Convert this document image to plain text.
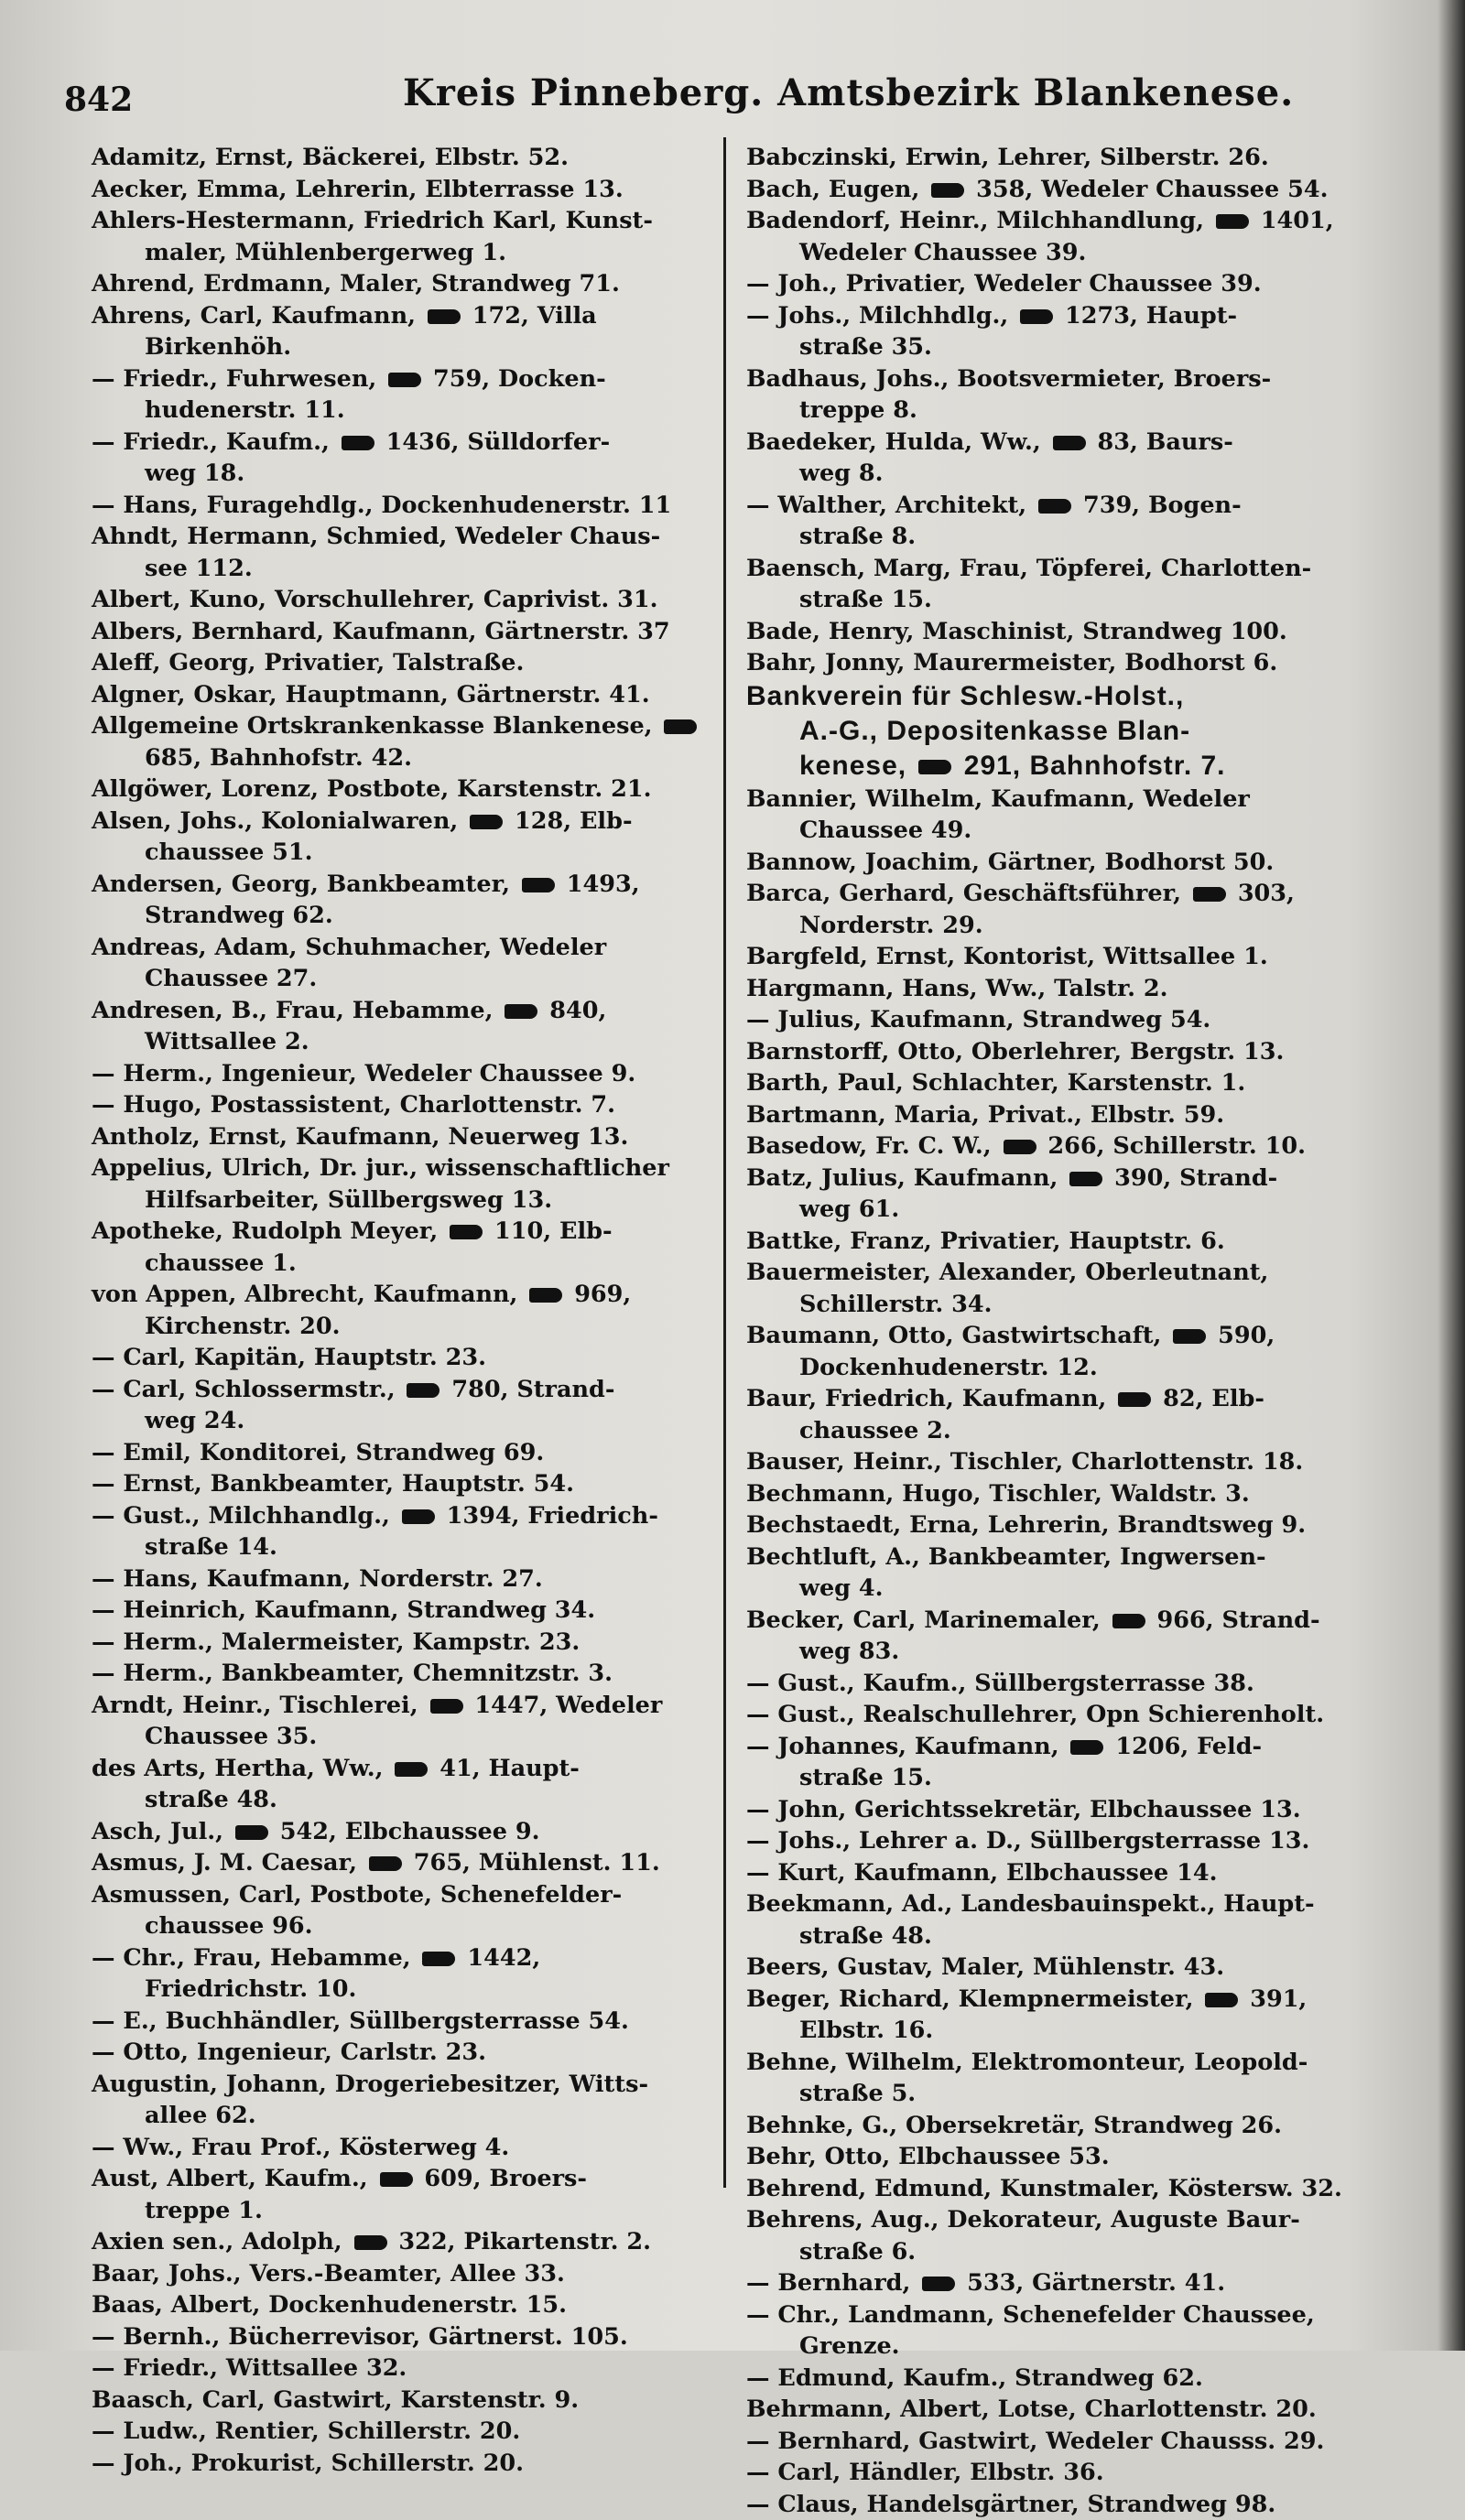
842	Kreis Pinneberg. Amtsbezirk Blankenese.
Adamitz, Ernst, Bäckerei, Elbstr. 52.
Aecker, Emma, Lehrerin, Elbterrasse 13.
Ahlers-Hestermann, Friedrich Karl, Kunst-
maler, Mühlenbergerweg 1.
Ahrend, Erdmann, Maler, Strandweg 71.
Ahrens, Carl, Kaufmann,  172, Villa
Birkenhöh.
— Friedr., Fuhrwesen,  759, Docken-
hudenerstr. 11.
— Friedr., Kaufm.,  1436, Sülldorfer-
weg 18.
— Hans, Furagehdlg., Dockenhudenerstr. 11
Ahndt, Hermann, Schmied, Wedeler Chaus-
see 112.
Albert, Kuno, Vorschullehrer, Caprivist. 31.
Albers, Bernhard, Kaufmann, Gärtnerstr. 37
Aleff, Georg, Privatier, Talstraße.
Algner, Oskar, Hauptmann, Gärtnerstr. 41.
Allgemeine Ortskrankenkasse Blankenese,
685, Bahnhofstr. 42.
Allgöwer, Lorenz, Postbote, Karstenstr. 21.
Alsen, Johs., Kolonialwaren,  128, Elb-
chaussee 51.
Andersen, Georg, Bankbeamter,  1493,
Strandweg 62.
Andreas, Adam, Schuhmacher, Wedeler
Chaussee 27.
Andresen, B., Frau, Hebamme,  840,
Wittsallee 2.
— Herm., Ingenieur, Wedeler Chaussee 9.
— Hugo, Postassistent, Charlottenstr. 7.
Antholz, Ernst, Kaufmann, Neuerweg 13.
Appelius, Ulrich, Dr. jur., wissenschaftlicher
Hilfsarbeiter, Süllbergsweg 13.
Apotheke, Rudolph Meyer,  110, Elb-
chaussee 1.
von Appen, Albrecht, Kaufmann,  969,
Kirchenstr. 20.
— Carl, Kapitän, Hauptstr. 23.
— Carl, Schlossermstr.,  780, Strand-
weg 24.
— Emil, Konditorei, Strandweg 69.
— Ernst, Bankbeamter, Hauptstr. 54.
— Gust., Milchhandlg.,  1394, Friedrich-
straße 14.
— Hans, Kaufmann, Norderstr. 27.
— Heinrich, Kaufmann, Strandweg 34.
— Herm., Malermeister, Kampstr. 23.
— Herm., Bankbeamter, Chemnitzstr. 3.
Arndt, Heinr., Tischlerei,  1447, Wedeler
Chaussee 35.
des Arts, Hertha, Ww.,  41, Haupt-
straße 48.
Asch, Jul.,  542, Elbchaussee 9.
Asmus, J. M. Caesar,  765, Mühlenst. 11.
Asmussen, Carl, Postbote, Schenefelder-
chaussee 96.
— Chr., Frau, Hebamme,  1442,
Friedrichstr. 10.
— E., Buchhändler, Süllbergsterrasse 54.
— Otto, Ingenieur, Carlstr. 23.
Augustin, Johann, Drogeriebesitzer, Witts-
allee 62.
— Ww., Frau Prof., Kösterweg 4.
Aust, Albert, Kaufm.,  609, Broers-
treppe 1.
Axien sen., Adolph,  322, Pikartenstr. 2.
Baar, Johs., Vers.-Beamter, Allee 33.
Baas, Albert, Dockenhudenerstr. 15.
— Bernh., Bücherrevisor, Gärtnerst. 105.
— Friedr., Wittsallee 32.
Baasch, Carl, Gastwirt, Karstenstr. 9.
— Ludw., Rentier, Schillerstr. 20.
— Joh., Prokurist, Schillerstr. 20.
Babczinski, Erwin, Lehrer, Silberstr. 26.
Bach, Eugen,  358, Wedeler Chaussee 54.
Badendorf, Heinr., Milchhandlung,  1401,
Wedeler Chaussee 39.
— Joh., Privatier, Wedeler Chaussee 39.
— Johs., Milchhdlg.,  1273, Haupt-
straße 35.
Badhaus, Johs., Bootsvermieter, Broers-
treppe 8.
Baedeker, Hulda, Ww.,  83, Baurs-
weg 8.
— Walther, Architekt,  739, Bogen-
straße 8.
Baensch, Marg, Frau, Töpferei, Charlotten-
straße 15.
Bade, Henry, Maschinist, Strandweg 100.
Bahr, Jonny, Maurermeister, Bodhorst 6.
Bankverein für Schlesw.-Holst.,
A.-G., Depositenkasse Blan-
kenese,  291, Bahnhofstr. 7.
Bannier, Wilhelm, Kaufmann, Wedeler
Chaussee 49.
Bannow, Joachim, Gärtner, Bodhorst 50.
Barca, Gerhard, Geschäftsführer,  303,
Norderstr. 29.
Bargfeld, Ernst, Kontorist, Wittsallee 1.
Hargmann, Hans, Ww., Talstr. 2.
— Julius, Kaufmann, Strandweg 54.
Barnstorff, Otto, Oberlehrer, Bergstr. 13.
Barth, Paul, Schlachter, Karstenstr. 1.
Bartmann, Maria, Privat., Elbstr. 59.
Basedow, Fr. C. W.,  266, Schillerstr. 10.
Batz, Julius, Kaufmann,  390, Strand-
weg 61.
Battke, Franz, Privatier, Hauptstr. 6.
Bauermeister, Alexander, Oberleutnant,
Schillerstr. 34.
Baumann, Otto, Gastwirtschaft,  590,
Dockenhudenerstr. 12.
Baur, Friedrich, Kaufmann,  82, Elb-
chaussee 2.
Bauser, Heinr., Tischler, Charlottenstr. 18.
Bechmann, Hugo, Tischler, Waldstr. 3.
Bechstaedt, Erna, Lehrerin, Brandtsweg 9.
Bechtluft, A., Bankbeamter, Ingwersen-
weg 4.
Becker, Carl, Marinemaler,  966, Strand-
weg 83.
— Gust., Kaufm., Süllbergsterrasse 38.
— Gust., Realschullehrer, Opn Schierenholt.
— Johannes, Kaufmann,  1206, Feld-
straße 15.
— John, Gerichtssekretär, Elbchaussee 13.
— Johs., Lehrer a. D., Süllbergsterrasse 13.
— Kurt, Kaufmann, Elbchaussee 14.
Beekmann, Ad., Landesbauinspekt., Haupt-
straße 48.
Beers, Gustav, Maler, Mühlenstr. 43.
Beger, Richard, Klempnermeister,  391,
Elbstr. 16.
Behne, Wilhelm, Elektromonteur, Leopold-
straße 5.
Behnke, G., Obersekretär, Strandweg 26.
Behr, Otto, Elbchaussee 53.
Behrend, Edmund, Kunstmaler, Köstersw. 32.
Behrens, Aug., Dekorateur, Auguste Baur-
straße 6.
— Bernhard,  533, Gärtnerstr. 41.
— Chr., Landmann, Schenefelder Chaussee,
Grenze.
— Edmund, Kaufm., Strandweg 62.
Behrmann, Albert, Lotse, Charlottenstr. 20.
— Bernhard, Gastwirt, Wedeler Chausss. 29.
— Carl, Händler, Elbstr. 36.
— Claus, Handelsgärtner, Strandweg 98.
